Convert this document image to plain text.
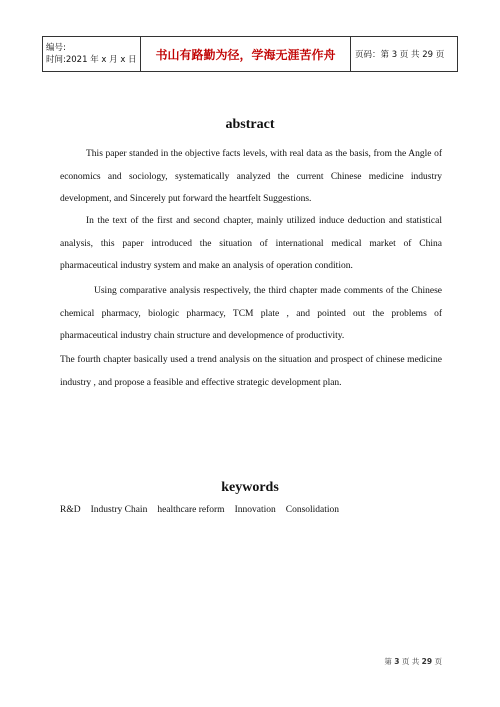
编号:
时间:2021 年 x 月 x 日 书山有路勤为径，学海无涯苦作舟 页码：第 3 页 共 29 页
abstract

This paper standed in the objective facts levels, with real data as the basis, from the Angle of economics and sociology, systematically analyzed the current Chinese medicine industry development, and Sincerely put forward the heartfelt Suggestions.

In the text of the first and second chapter, mainly utilized induce deduction and statistical analysis, this paper introduced the situation of international medical market of China pharmaceutical industry system and make an analysis of operation condition.

Using comparative analysis respectively, the third chapter made comments of the Chinese chemical pharmacy, biologic pharmacy, TCM plate , and pointed out the problems of pharmaceutical industry chain structure and developmence of productivity.

The fourth chapter basically used a trend analysis on the situation and prospect of chinese medicine industry , and propose a feasible and effective strategic development plan.

keywords
R&D Industry Chain healthcare reform Innovation Consolidation
第 3 页 共 29 页
